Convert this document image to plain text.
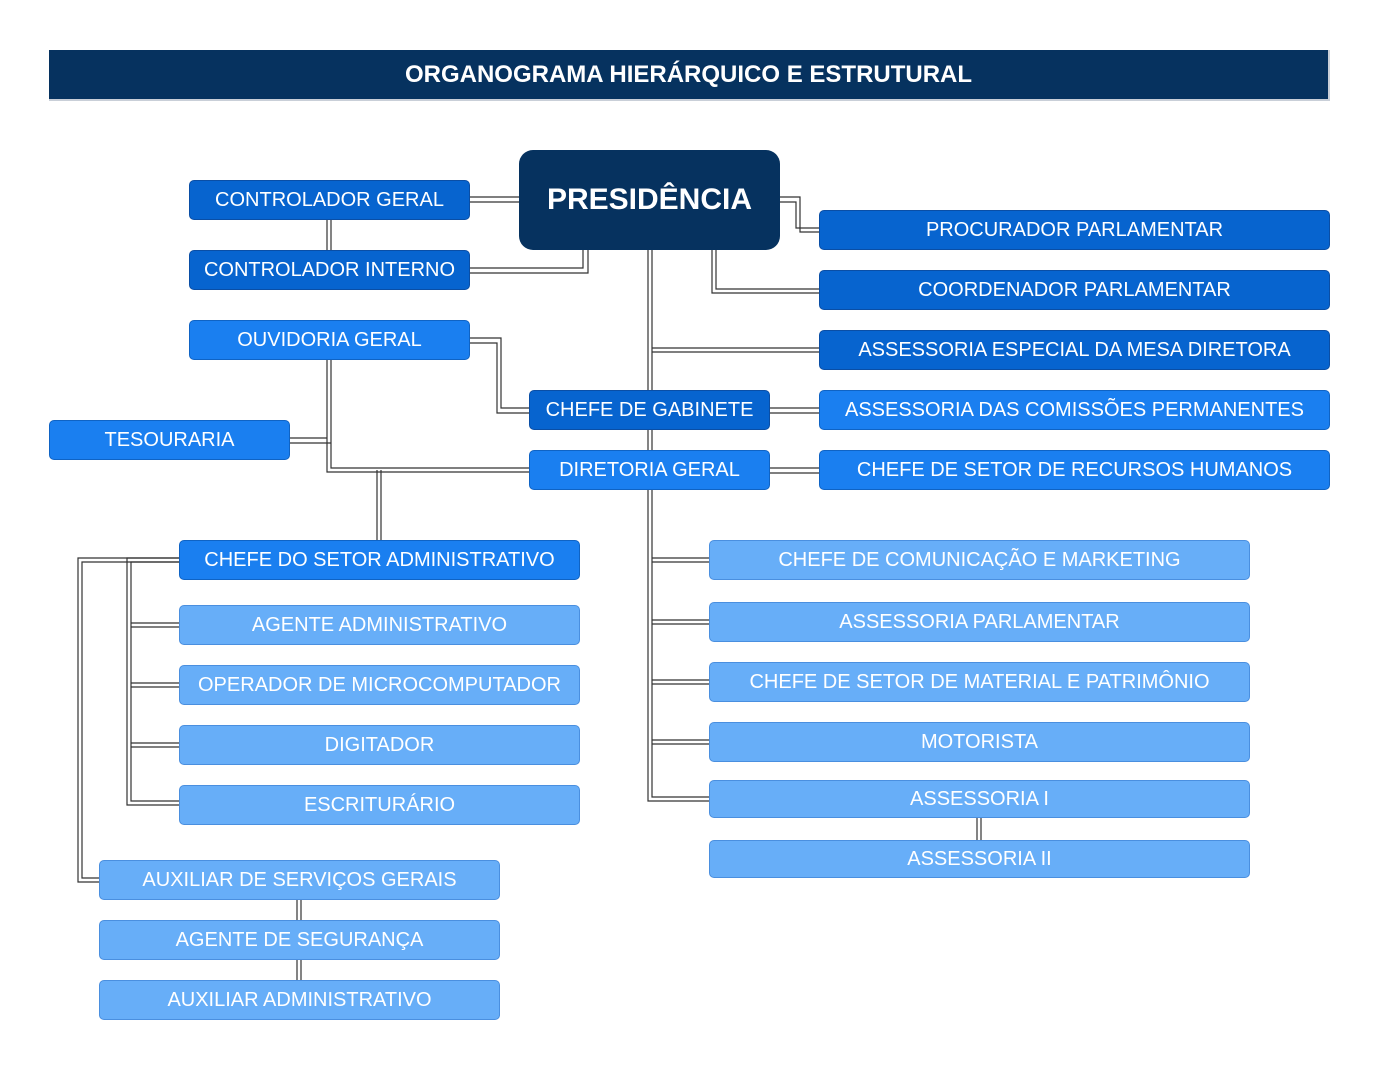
ORGANOGRAMA HIERÁRQUICO E ESTRUTURAL
PRESIDÊNCIA
CONTROLADOR GERAL
CONTROLADOR INTERNO
OUVIDORIA GERAL
TESOURARIA
PROCURADOR PARLAMENTAR
COORDENADOR PARLAMENTAR
ASSESSORIA ESPECIAL DA MESA DIRETORA
ASSESSORIA DAS COMISSÕES PERMANENTES
CHEFE DE SETOR DE RECURSOS HUMANOS
CHEFE DE GABINETE
DIRETORIA GERAL
CHEFE DO SETOR ADMINISTRATIVO
AGENTE ADMINISTRATIVO
OPERADOR DE MICROCOMPUTADOR
DIGITADOR
ESCRITURÁRIO
AUXILIAR DE SERVIÇOS GERAIS
AGENTE DE SEGURANÇA
AUXILIAR ADMINISTRATIVO
CHEFE DE COMUNICAÇÃO E MARKETING
ASSESSORIA PARLAMENTAR
CHEFE DE SETOR DE MATERIAL E PATRIMÔNIO
MOTORISTA
ASSESSORIA I
ASSESSORIA II
